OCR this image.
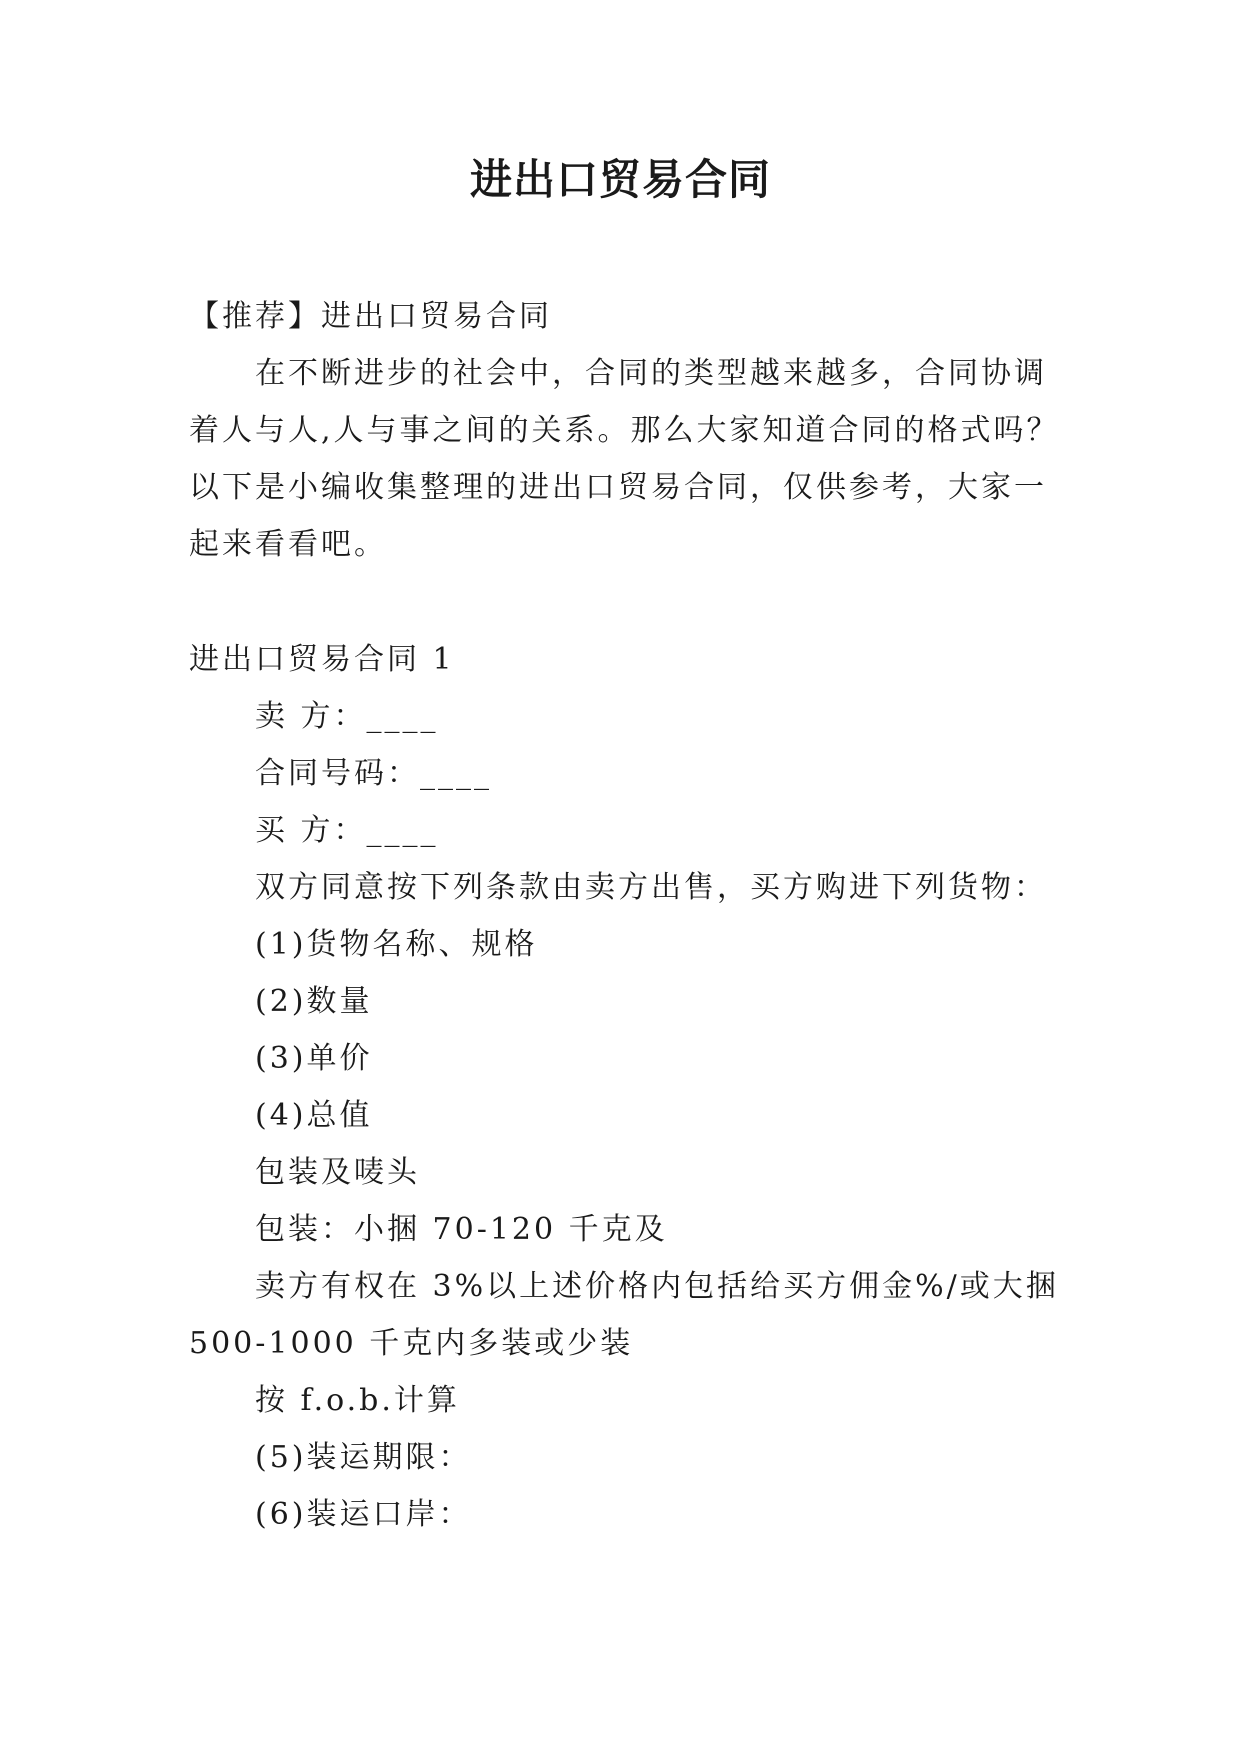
进出口贸易合同

【推荐】进出口贸易合同

在不断进步的社会中，合同的类型越来越多，合同协调

着人与人,人与事之间的关系。那么大家知道合同的格式吗？

以下是小编收集整理的进出口贸易合同，仅供参考，大家一

起来看看吧。

进出口贸易合同 1

卖 方：____

合同号码：____

买 方：____

双方同意按下列条款由卖方出售，买方购进下列货物：

(1)货物名称、规格

(2)数量

(3)单价

(4)总值

包装及唛头

包装：小捆 70-120 千克及

卖方有权在 3%以上述价格内包括给买方佣金%/或大捆

500-1000 千克内多装或少装

按 f.o.b.计算

(5)装运期限：

(6)装运口岸：
